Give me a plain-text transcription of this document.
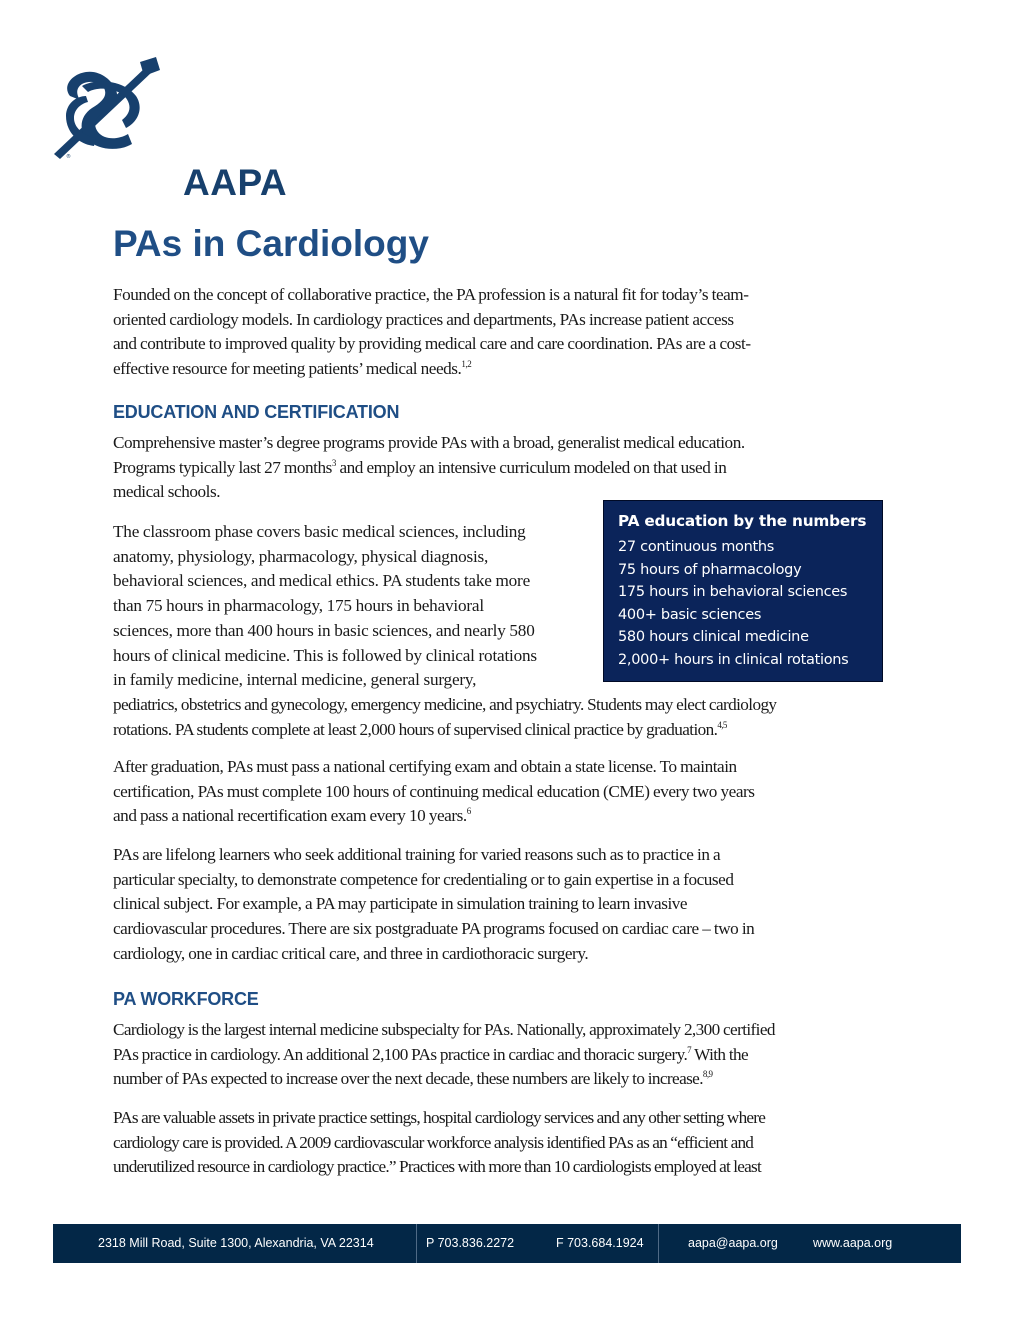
®
AAPA
PAs in Cardiology

Founded on the concept of collaborative practice, the PA profession is a natural fit for today’s team-
oriented cardiology models. In cardiology practices and departments, PAs increase patient access
and contribute to improved quality by providing medical care and care coordination. PAs are a cost-
effective resource for meeting patients’ medical needs.$^{1,2}$

EDUCATION AND CERTIFICATION

Comprehensive master’s degree programs provide PAs with a broad, generalist medical education.
Programs typically last 27 months$^3$ and employ an intensive curriculum modeled on that used in
medical schools.

PA education by the numbers
27 continuous months
75 hours of pharmacology
175 hours in behavioral sciences
400+ basic sciences
580 hours clinical medicine
2,000+ hours in clinical rotations

The classroom phase covers basic medical sciences, including
anatomy, physiology, pharmacology, physical diagnosis,
behavioral sciences, and medical ethics. PA students take more
than 75 hours in pharmacology, 175 hours in behavioral
sciences, more than 400 hours in basic sciences, and nearly 580
hours of clinical medicine. This is followed by clinical rotations
in family medicine, internal medicine, general surgery,
pediatrics, obstetrics and gynecology, emergency medicine, and psychiatry. Students may elect cardiology
rotations. PA students complete at least 2,000 hours of supervised clinical practice by graduation.$^{4,5}$

After graduation, PAs must pass a national certifying exam and obtain a state license. To maintain
certification, PAs must complete 100 hours of continuing medical education (CME) every two years
and pass a national recertification exam every 10 years.$^6$

PAs are lifelong learners who seek additional training for varied reasons such as to practice in a
particular specialty, to demonstrate competence for credentialing or to gain expertise in a focused
clinical subject. For example, a PA may participate in simulation training to learn invasive
cardiovascular procedures. There are six postgraduate PA programs focused on cardiac care – two in
cardiology, one in cardiac critical care, and three in cardiothoracic surgery.

PA WORKFORCE

Cardiology is the largest internal medicine subspecialty for PAs. Nationally, approximately 2,300 certified
PAs practice in cardiology. An additional 2,100 PAs practice in cardiac and thoracic surgery.$^7$ With the
number of PAs expected to increase over the next decade, these numbers are likely to increase.$^{8,9}$

PAs are valuable assets in private practice settings, hospital cardiology services and any other setting where
cardiology care is provided. A 2009 cardiovascular workforce analysis identified PAs as an “efficient and
underutilized resource in cardiology practice.” Practices with more than 10 cardiologists employed at least

2318 Mill Road, Suite 1300, Alexandria, VA 22314	P 703.836.2272	F 703.684.1924	aapa@aapa.org	www.aapa.org
